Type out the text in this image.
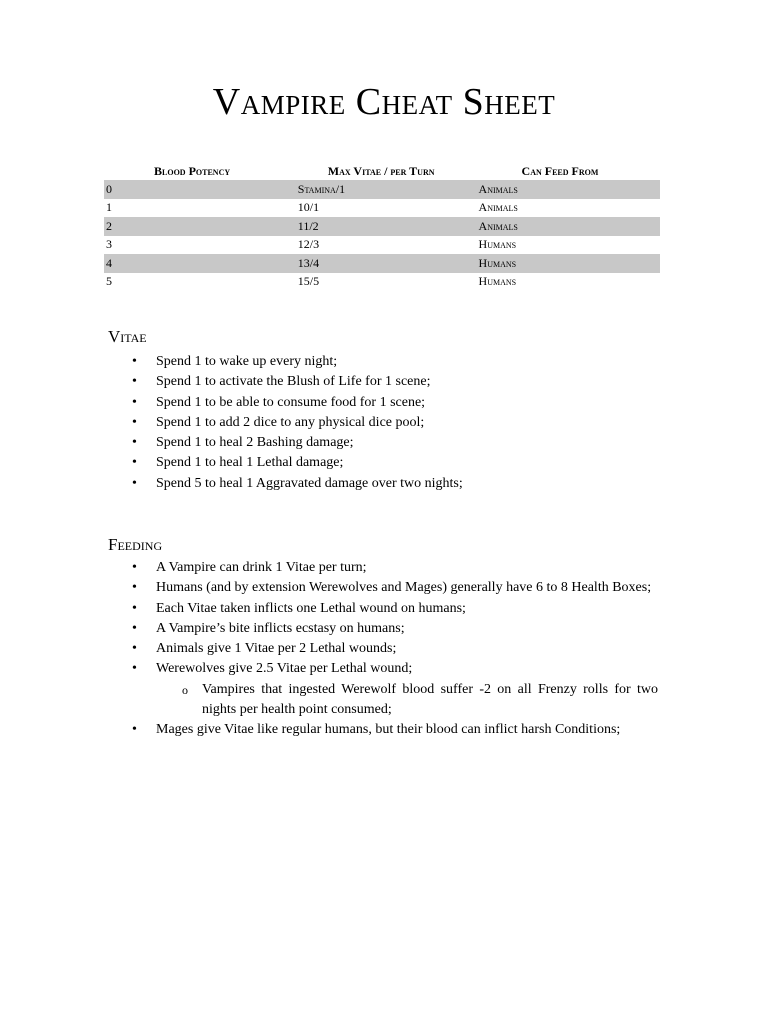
Vampire Cheat Sheet
Blood Potency	Max Vitae / per Turn	Can Feed From
0	Stamina/1	Animals
1	10/1	Animals
2	11/2	Animals
3	12/3	Humans
4	13/4	Humans
5	15/5	Humans
Vitae
• Spend 1 to wake up every night;
• Spend 1 to activate the Blush of Life for 1 scene;
• Spend 1 to be able to consume food for 1 scene;
• Spend 1 to add 2 dice to any physical dice pool;
• Spend 1 to heal 2 Bashing damage;
• Spend 1 to heal 1 Lethal damage;
• Spend 5 to heal 1 Aggravated damage over two nights;
Feeding
• A Vampire can drink 1 Vitae per turn;
• Humans (and by extension Werewolves and Mages) generally have 6 to 8 Health Boxes;
• Each Vitae taken inflicts one Lethal wound on humans;
• A Vampire’s bite inflicts ecstasy on humans;
• Animals give 1 Vitae per 2 Lethal wounds;
• Werewolves give 2.5 Vitae per Lethal wound;
o Vampires that ingested Werewolf blood suffer -2 on all Frenzy rolls for two nights per health point consumed;
• Mages give Vitae like regular humans, but their blood can inflict harsh Conditions;
